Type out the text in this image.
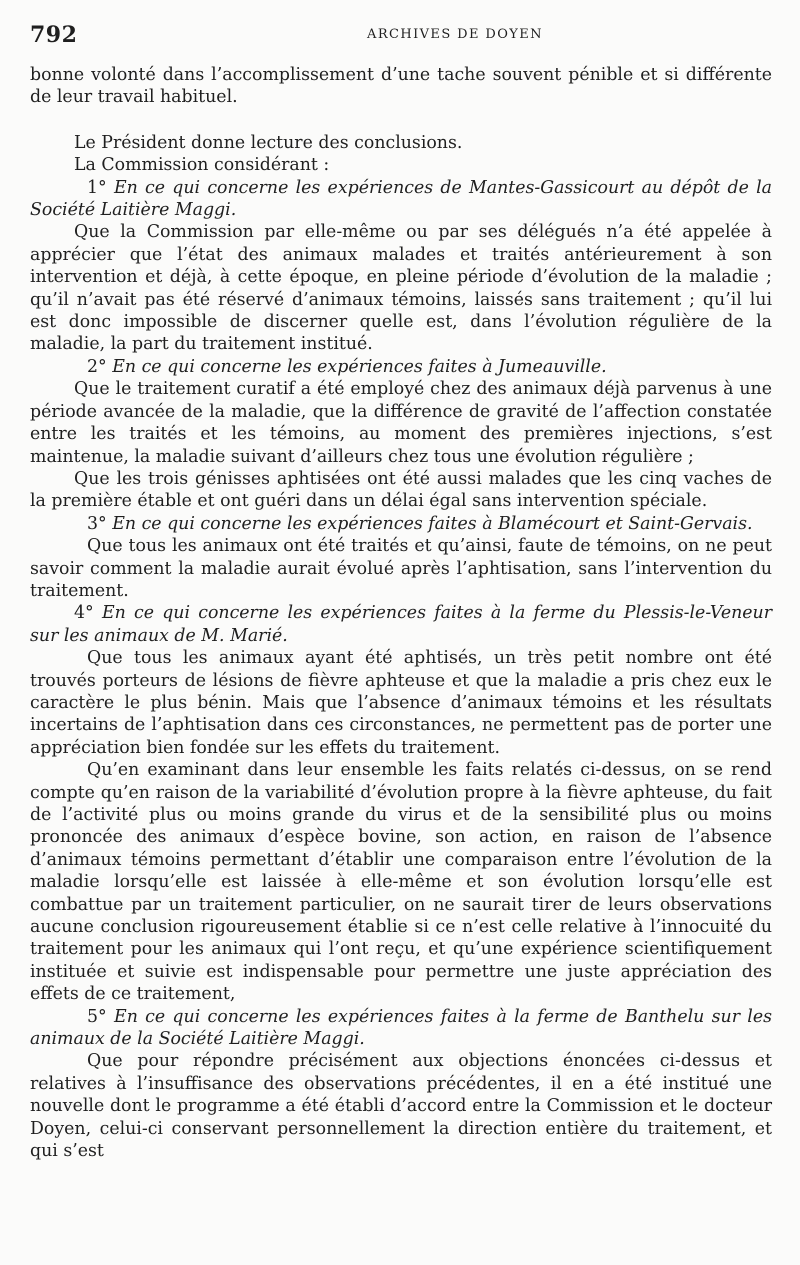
792	ARCHIVES DE DOYEN

bonne volonté dans l’accomplissement d’une tache souvent pénible et si différente de leur travail habituel.

Le Président donne lecture des conclusions.

La Commission considérant :

1° En ce qui concerne les expériences de Mantes-Gassicourt au dépôt de la Société Laitière Maggi.

Que la Commission par elle-même ou par ses délégués n’a été appelée à apprécier que l’état des animaux malades et traités antérieurement à son intervention et déjà, à cette époque, en pleine période d’évolution de la maladie ; qu’il n’avait pas été réservé d’animaux témoins, laissés sans traitement ; qu’il lui est donc impossible de discerner quelle est, dans l’évolution régulière de la maladie, la part du traitement institué.

2° En ce qui concerne les expériences faites à Jumeauville.

Que le traitement curatif a été employé chez des animaux déjà parvenus à une période avancée de la maladie, que la différence de gravité de l’affection constatée entre les traités et les témoins, au moment des premières injections, s’est maintenue, la maladie suivant d’ailleurs chez tous une évolution régulière ;

Que les trois génisses aphtisées ont été aussi malades que les cinq vaches de la première étable et ont guéri dans un délai égal sans intervention spéciale.

3° En ce qui concerne les expériences faites à Blamécourt et Saint-Gervais.

Que tous les animaux ont été traités et qu’ainsi, faute de témoins, on ne peut savoir comment la maladie aurait évolué après l’aphtisation, sans l’intervention du traitement.

4° En ce qui concerne les expériences faites à la ferme du Plessis-le-Veneur sur les animaux de M. Marié.

Que tous les animaux ayant été aphtisés, un très petit nombre ont été trouvés porteurs de lésions de fièvre aphteuse et que la maladie a pris chez eux le caractère le plus bénin. Mais que l’absence d’animaux témoins et les résultats incertains de l’aphtisation dans ces circonstances, ne permettent pas de porter une appréciation bien fondée sur les effets du traitement.

Qu’en examinant dans leur ensemble les faits relatés ci-dessus, on se rend compte qu’en raison de la variabilité d’évolution propre à la fièvre aphteuse, du fait de l’activité plus ou moins grande du virus et de la sensibilité plus ou moins prononcée des animaux d’espèce bovine, son action, en raison de l’absence d’animaux témoins permettant d’établir une comparaison entre l’évolution de la maladie lorsqu’elle est laissée à elle-même et son évolution lorsqu’elle est combattue par un traitement particulier, on ne saurait tirer de leurs observations aucune conclusion rigoureusement établie si ce n’est celle relative à l’innocuité du traitement pour les animaux qui l’ont reçu, et qu’une expérience scientifiquement instituée et suivie est indispensable pour permettre une juste appréciation des effets de ce traitement,

5° En ce qui concerne les expériences faites à la ferme de Banthelu sur les animaux de la Société Laitière Maggi.

Que pour répondre précisément aux objections énoncées ci-dessus et relatives à l’insuffisance des observations précédentes, il en a été institué une nouvelle dont le programme a été établi d’accord entre la Commission et le docteur Doyen, celui-ci conservant personnellement la direction entière du traitement, et qui s’est
